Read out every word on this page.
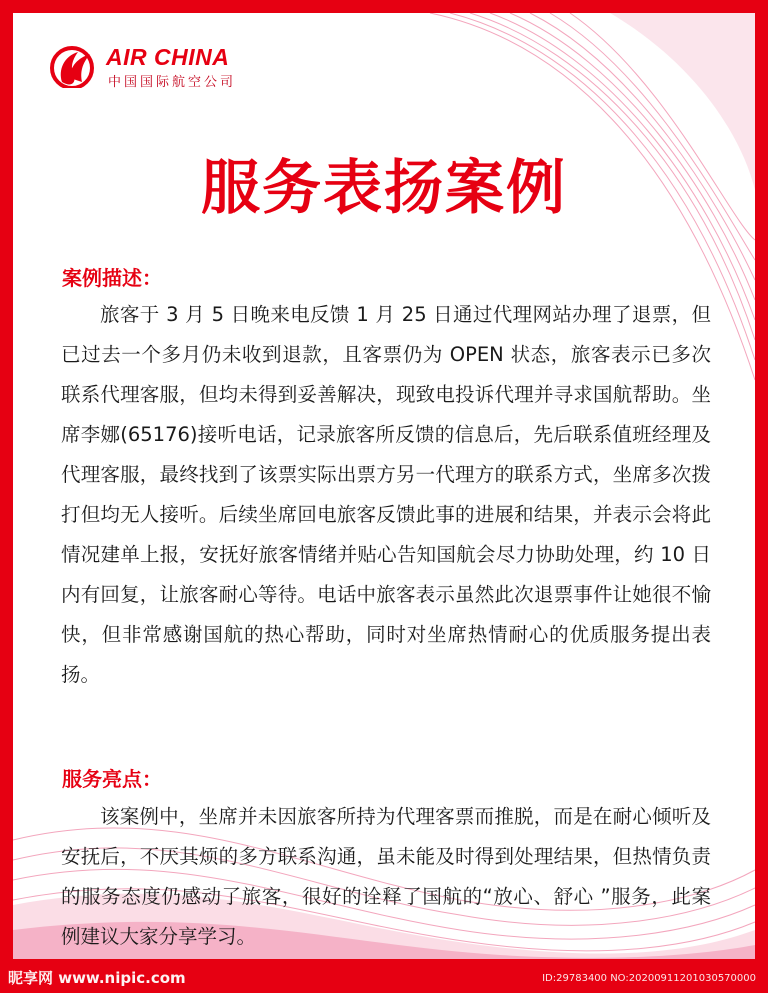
AIR CHINA
中国国际航空公司
服务表扬案例
案例描述：

旅客于 3 月 5 日晚来电反馈 1 月 25 日通过代理网站办理了退票，但已过去一个多月仍未收到退款，且客票仍为 OPEN 状态，旅客表示已多次联系代理客服，但均未得到妥善解决，现致电投诉代理并寻求国航帮助。坐席李娜(65176)接听电话，记录旅客所反馈的信息后，先后联系值班经理及代理客服，最终找到了该票实际出票方另一代理方的联系方式，坐席多次拨打但均无人接听。后续坐席回电旅客反馈此事的进展和结果，并表示会将此情况建单上报，安抚好旅客情绪并贴心告知国航会尽力协助处理，约 10 日内有回复，让旅客耐心等待。电话中旅客表示虽然此次退票事件让她很不愉快，但非常感谢国航的热心帮助，同时对坐席热情耐心的优质服务提出表扬。

服务亮点：

该案例中，坐席并未因旅客所持为代理客票而推脱，而是在耐心倾听及安抚后，不厌其烦的多方联系沟通，虽未能及时得到处理结果，但热情负责的服务态度仍感动了旅客，很好的诠释了国航的“放心、舒心 ”服务，此案例建议大家分享学习。

昵享网 www.nipic.com	ID:29783400 NO:20200911201030570000
